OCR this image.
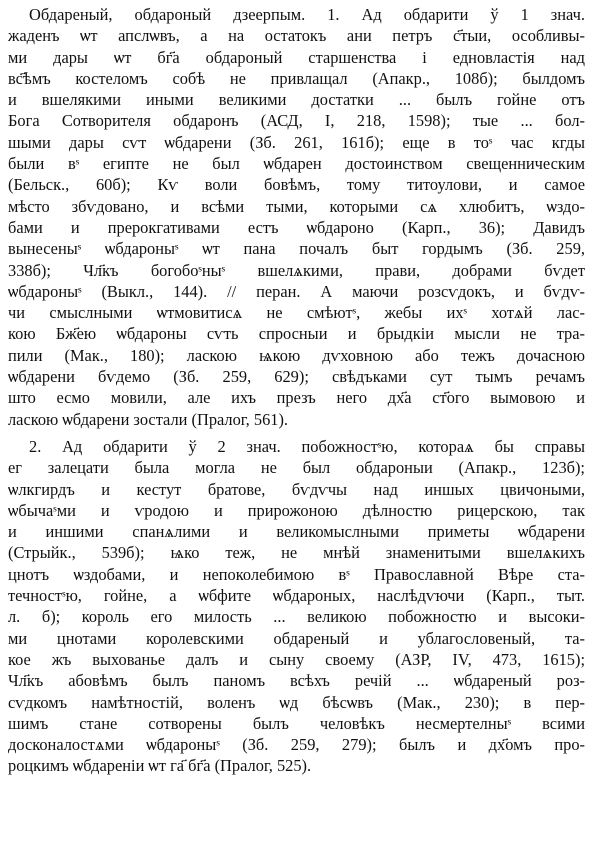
Обдареный, обдароный дзеерпым. 1. Ад обдарити ў 1 знач.
жаденъ ѡт апслѡвъ, а на остатокъ ани петръ с҃тыи, особливы-
ми дары ѡт бг҃а обдароный старшенства і едновластія над
вс҃ѣмъ костеломъ собѣ не привлащал (Апакр., 108б); былдомъ
и вшелякими иными великими достатки ... былъ гойне отъ
Бога Сотворителя обдаронъ (АСД, I, 218, 1598); тые ... бол-
шыми дары сѵт ѡбдарени (Зб. 261, 161б); еще в тоˢ час кгды
были вˢ египте не был ѡбдарен достоинством свещенническим
(Бельск., 60б); Кѵ воли бовѣмъ, тому титоулови, и самое
мѣсто збѵдовано, и всѣми тыми, которыми сѧ хлюбитъ, ѡздо-
бами и прерокгативами естъ ѡбдароно (Карп., 36); Давидъ
вынесеныˢ ѡбдароныˢ ѡт пана почалъ быт гордымъ (Зб. 259,
338б); Чл҃къ богобоˢныˢ вшелѧкими, прави, добрами бѵдет
ѡбдароныˢ (Выкл., 144). // перан. А маючи розсѵдокъ, и бѵдѵ-
чи смыслными ѡтмовитисѧ не смѣютˢ, жебы ихˢ хотѧй лас-
кою Бж҃ею ѡбдароны сѵть спросныи и брыдкіи мысли не тра-
пили (Мак., 180); ласкою ѩкою дѵховною або тежъ дочасною
ѡбдарени бѵдемо (Зб. 259, 629); свѣдъками сут тымъ речамъ
што есмо мовили, але ихъ презъ него дх҃а ст҃ого вымовою и
ласкою ѡбдарени зостали (Пралог, 561).
2. Ад обдарити ў 2 знач. побожностˢю, котораѧ бы справы
ег залецати была могла не был обдароныи (Апакр., 123б);
ѡлкгирдъ и кестут братове, бѵдѵчы над иншых цвичоными,
ѡбычаˢми и ѵродою и прирожоною дѣлностю рицерскою, так
и иншими спанѧлими и великомыслными приметы ѡбдарени
(Стрыйк., 539б); ѩко теж, не мнѣй знаменитыми вшелѧкихъ
цнотъ ѡздобами, и непоколебимою вˢ Православной Вѣре ста-
течностˢю, гойне, а ѡбфите ѡбдароных, наслѣдѵючи (Карп., тыт.
л. б); король его милость ... великою побожностю и высоки-
ми цнотами королевскими обдареный и ублагословеный, та-
кое жъ выхованье далъ и сыну своему (АЗР, IV, 473, 1615);
Чл҃къ абовѣмъ былъ паномъ всѣхъ речій ... ѡбдареный роз-
сѵдкомъ намѣтностій, воленъ ѡд бѣсѡвъ (Мак., 230); в пер-
шимъ стане сотворены былъ человѣкъ несмертелныˢ всими
досконалостѧми ѡбдароныˢ (Зб. 259, 279); былъ и дх҃омъ про-
роцкимъ ѡбдареніи ѡт га҃ бг҃а (Пралог, 525).
